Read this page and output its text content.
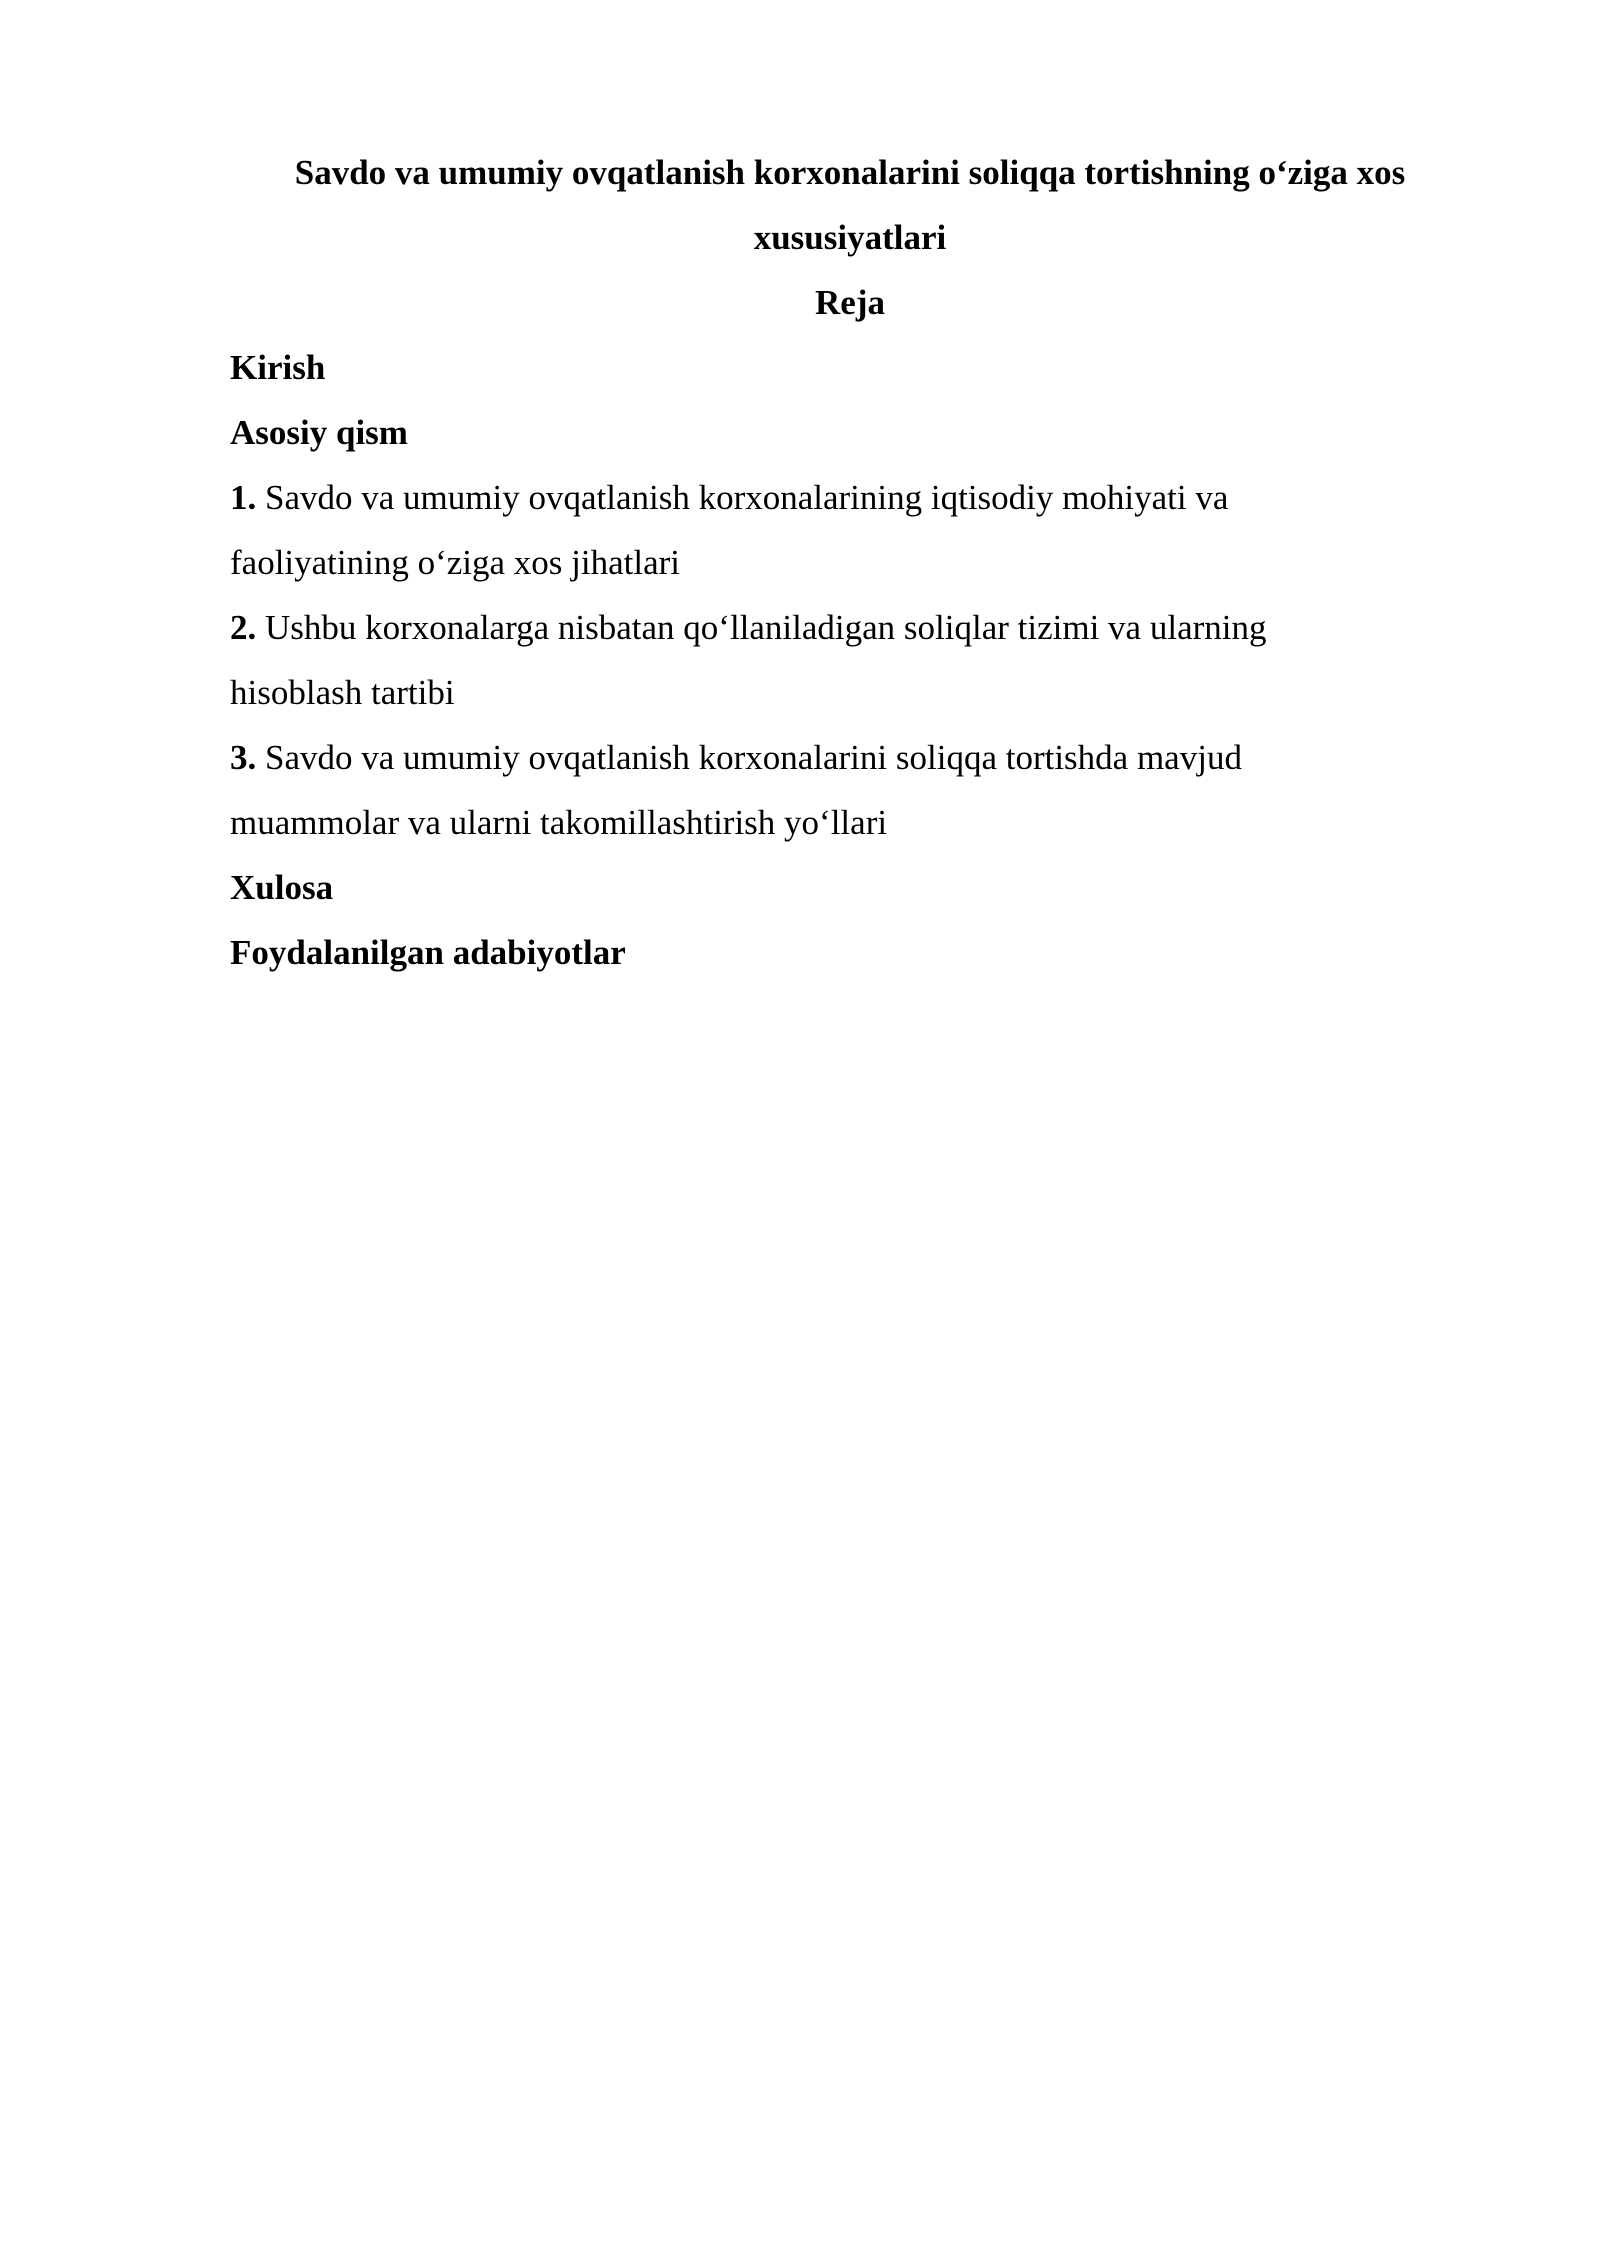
Savdo va umumiy ovqatlanish korxonalarini soliqqa tortishning o‘ziga xos
xususiyatlari
Reja
Kirish
Asosiy qism
1. Savdo va umumiy ovqatlanish korxonalarining iqtisodiy mohiyati va
faoliyatining o‘ziga xos jihatlari
2. Ushbu korxonalarga nisbatan qo‘llaniladigan soliqlar tizimi va ularning
hisoblash tartibi
3. Savdo va umumiy ovqatlanish korxonalarini soliqqa tortishda mavjud
muammolar va ularni takomillashtirish yo‘llari
Xulosa
Foydalanilgan adabiyotlar
